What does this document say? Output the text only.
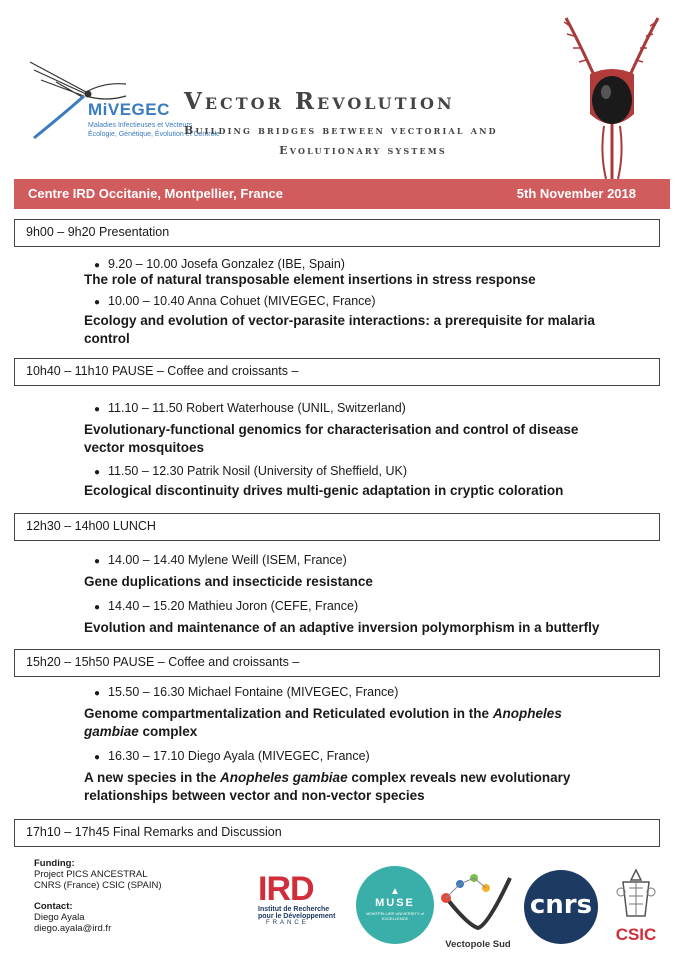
MiVEGEC
Maladies Infectieuses et Vecteurs
Écologie, Génétique, Évolution et Contrôle
Vector Revolution
Building bridges between vectorial and
Evolutionary systems
Centre IRD Occitanie, Montpellier, France	5th November 2018
9h00 – 9h20 Presentation
● 9.20 – 10.00 Josefa Gonzalez (IBE, Spain)
The role of natural transposable element insertions in stress response
● 10.00 – 10.40 Anna Cohuet (MIVEGEC, France)
Ecology and evolution of vector-parasite interactions: a prerequisite for malaria control
10h40 – 11h10 PAUSE – Coffee and croissants –
● 11.10 – 11.50 Robert Waterhouse (UNIL, Switzerland)
Evolutionary-functional genomics for characterisation and control of disease vector mosquitoes
● 11.50 – 12.30 Patrik Nosil (University of Sheffield, UK)
Ecological discontinuity drives multi-genic adaptation in cryptic coloration
12h30 – 14h00 LUNCH
● 14.00 – 14.40 Mylene Weill (ISEM, France)
Gene duplications and insecticide resistance
● 14.40 – 15.20 Mathieu Joron (CEFE, France)
Evolution and maintenance of an adaptive inversion polymorphism in a butterfly
15h20 – 15h50 PAUSE – Coffee and croissants –
● 15.50 – 16.30 Michael Fontaine (MIVEGEC, France)
Genome compartmentalization and Reticulated evolution in the Anopheles gambiae complex
● 16.30 – 17.10 Diego Ayala (MIVEGEC, France)
A new species in the Anopheles gambiae complex reveals new evolutionary relationships between vector and non-vector species
17h10 – 17h45 Final Remarks and Discussion
Funding:
Project PICS ANCESTRAL
CNRS (France) CSIC (SPAIN)
Contact:
Diego Ayala
diego.ayala@ird.fr
IRD
Institut de Recherche
pour le Développement
FRANCE
▲
MUSE
MONTPELLIER UNIVERSITY of EXCELLENCE
Vectopole Sud
cnrs
CSIC
